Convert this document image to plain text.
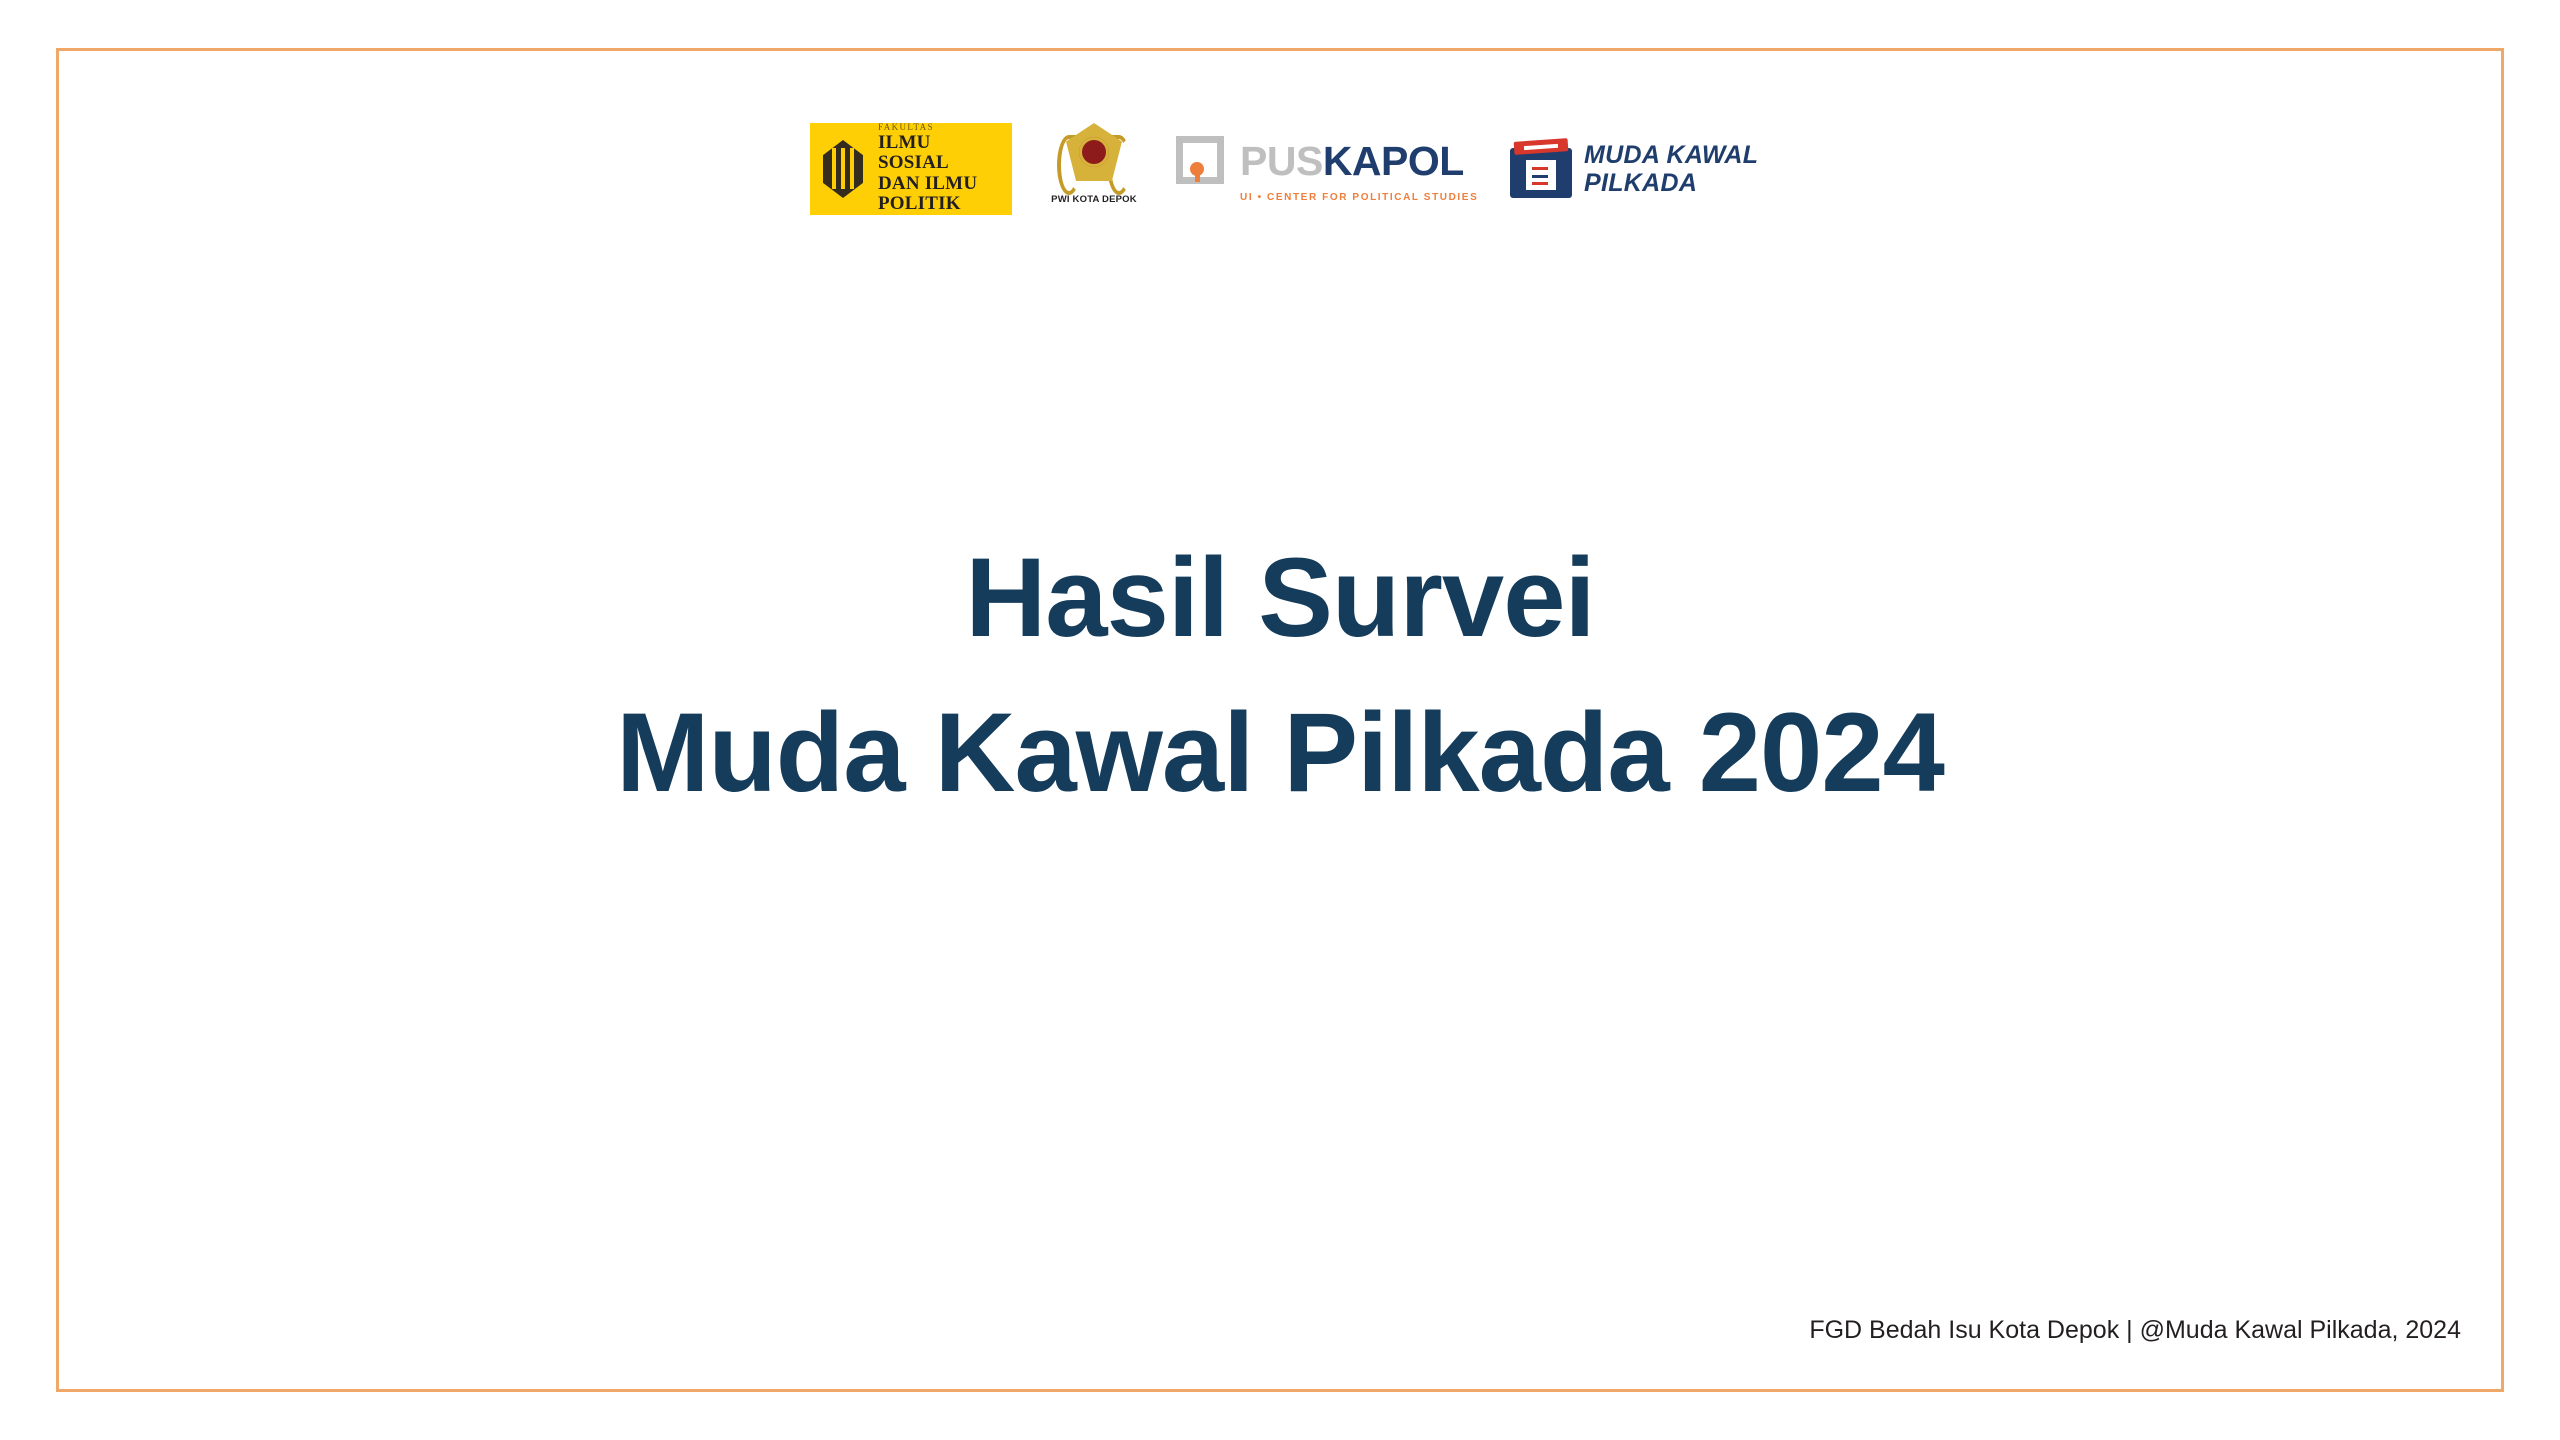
FAKULTAS
ILMU SOSIAL
DAN ILMU
POLITIK	PWI KOTA DEPOK
PUSKAPOL
UI • CENTER FOR POLITICAL STUDIES
MUDA KAWAL
PILKADA
Hasil Survei
Muda Kawal Pilkada 2024
FGD Bedah Isu Kota Depok | @Muda Kawal Pilkada, 2024
